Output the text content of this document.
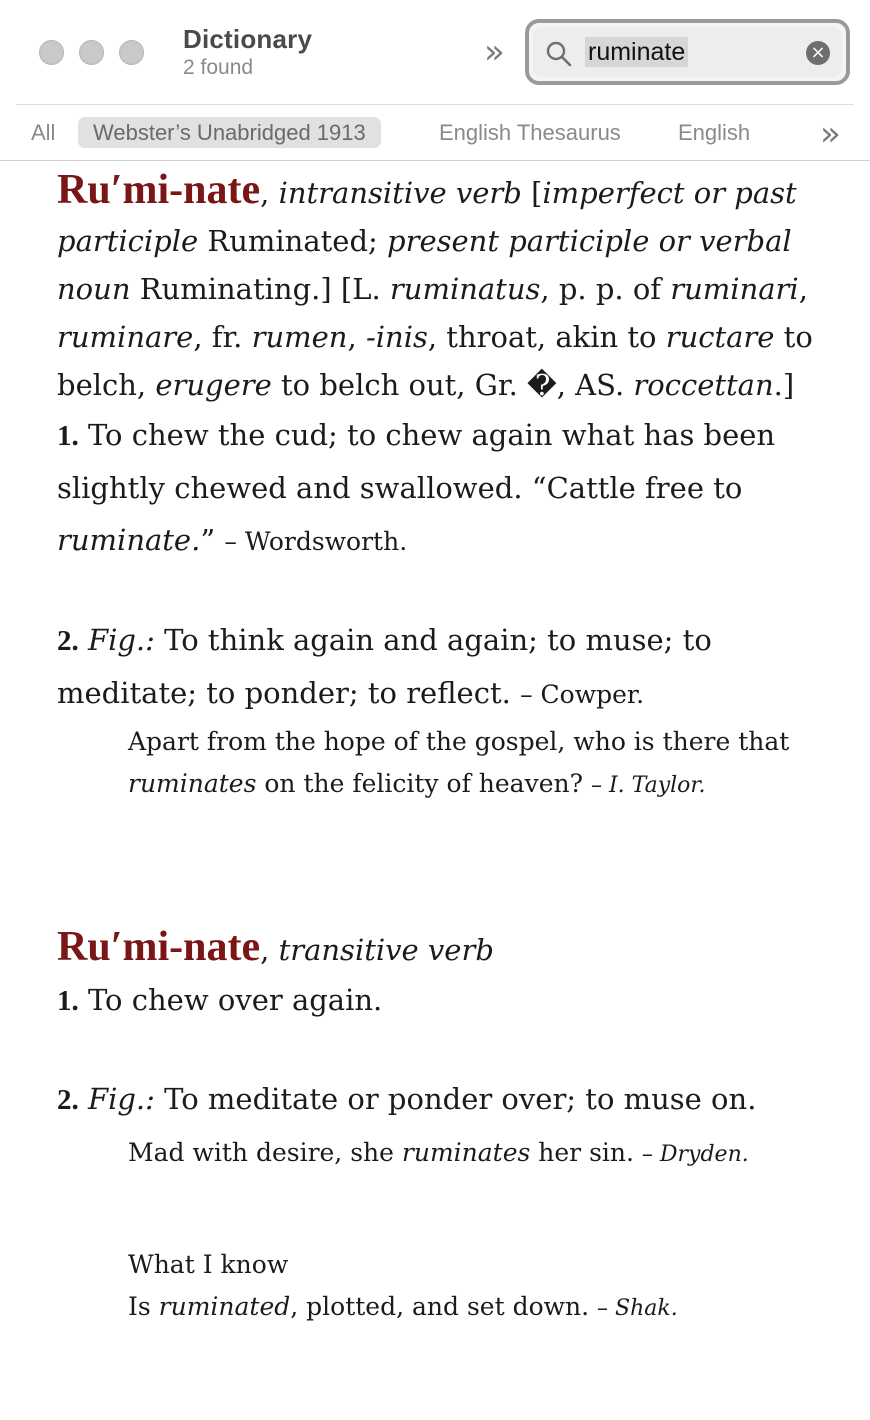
Dictionary
2 found	»	ruminate	×
All	Webster’s Unabridged 1913	English Thesaurus	English »

Ru′mi-nate, intransitive verb [imperfect or past participle Ruminated; present participle or verbal noun Ruminating.] [L. ruminatus, p. p. of ruminari, ruminare, fr. rumen, -inis, throat, akin to ructare to belch, erugere to belch out, Gr. �, AS. roccettan.]

1. To chew the cud; to chew again what has been slightly chewed and swallowed. “Cattle free to ruminate.” – Wordsworth.

2. Fig.: To think again and again; to muse; to meditate; to ponder; to reflect. – Cowper.

Apart from the hope of the gospel, who is there that ruminates on the felicity of heaven? – I. Taylor.

Ru′mi-nate, transitive verb

1. To chew over again.

2. Fig.: To meditate or ponder over; to muse on.

Mad with desire, she ruminates her sin. – Dryden.

What I know
Is ruminated, plotted, and set down. – Shak.
